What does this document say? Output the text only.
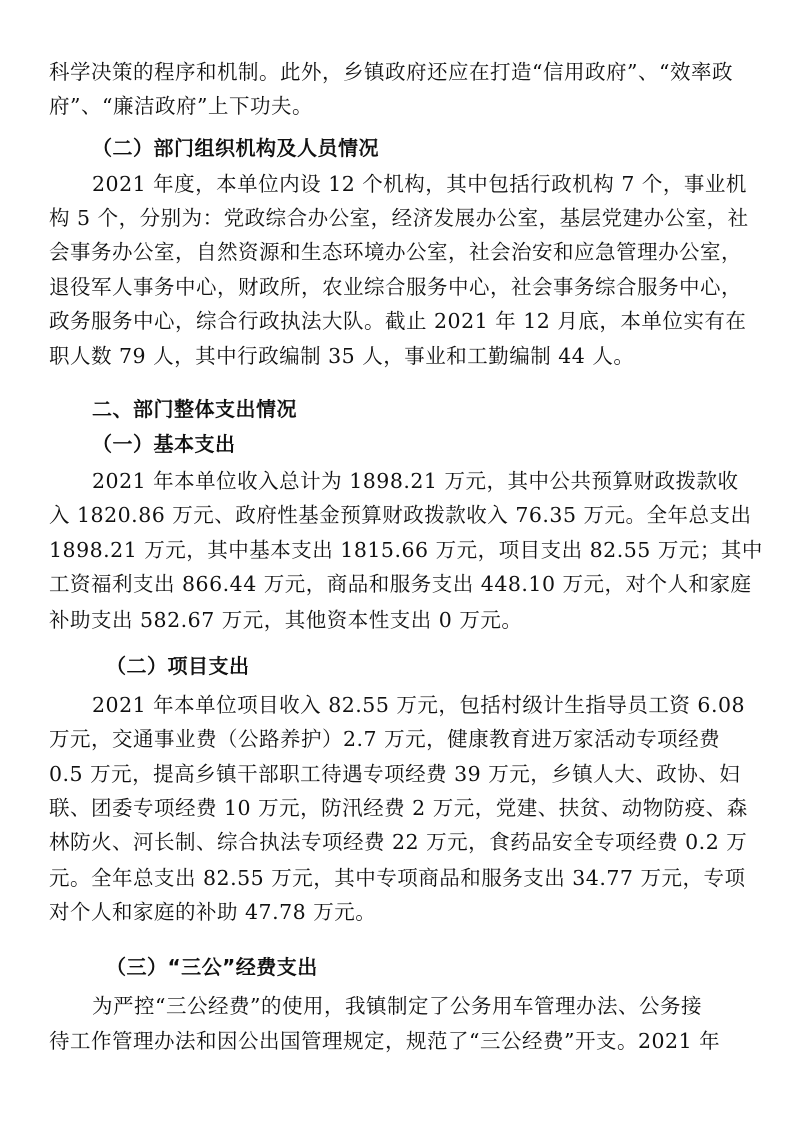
科学决策的程序和机制。此外，乡镇政府还应在打造“信用政府”、“效率政

府”、“廉洁政府”上下功夫。

（二）部门组织机构及人员情况

2021 年度，本单位内设 12 个机构，其中包括行政机构 7 个，事业机

构 5 个，分别为：党政综合办公室，经济发展办公室，基层党建办公室，社

会事务办公室，自然资源和生态环境办公室，社会治安和应急管理办公室，

退役军人事务中心，财政所，农业综合服务中心，社会事务综合服务中心，

政务服务中心，综合行政执法大队。截止 2021 年 12 月底，本单位实有在

职人数 79 人，其中行政编制 35 人，事业和工勤编制 44 人。

二、部门整体支出情况

（一）基本支出

2021 年本单位收入总计为 1898.21 万元，其中公共预算财政拨款收

入 1820.86 万元、政府性基金预算财政拨款收入 76.35 万元。全年总支出

1898.21 万元，其中基本支出 1815.66 万元，项目支出 82.55 万元；其中

工资福利支出 866.44 万元，商品和服务支出 448.10 万元，对个人和家庭

补助支出 582.67 万元，其他资本性支出 0 万元。

（二）项目支出

2021 年本单位项目收入 82.55 万元，包括村级计生指导员工资 6.08

万元，交通事业费（公路养护）2.7 万元，健康教育进万家活动专项经费

0.5 万元，提高乡镇干部职工待遇专项经费 39 万元，乡镇人大、政协、妇

联、团委专项经费 10 万元，防汛经费 2 万元，党建、扶贫、动物防疫、森

林防火、河长制、综合执法专项经费 22 万元，食药品安全专项经费 0.2 万

元。全年总支出 82.55 万元，其中专项商品和服务支出 34.77 万元，专项

对个人和家庭的补助 47.78 万元。

（三）“三公”经费支出

为严控“三公经费”的使用，我镇制定了公务用车管理办法、公务接

待工作管理办法和因公出国管理规定，规范了“三公经费”开支。2021 年
